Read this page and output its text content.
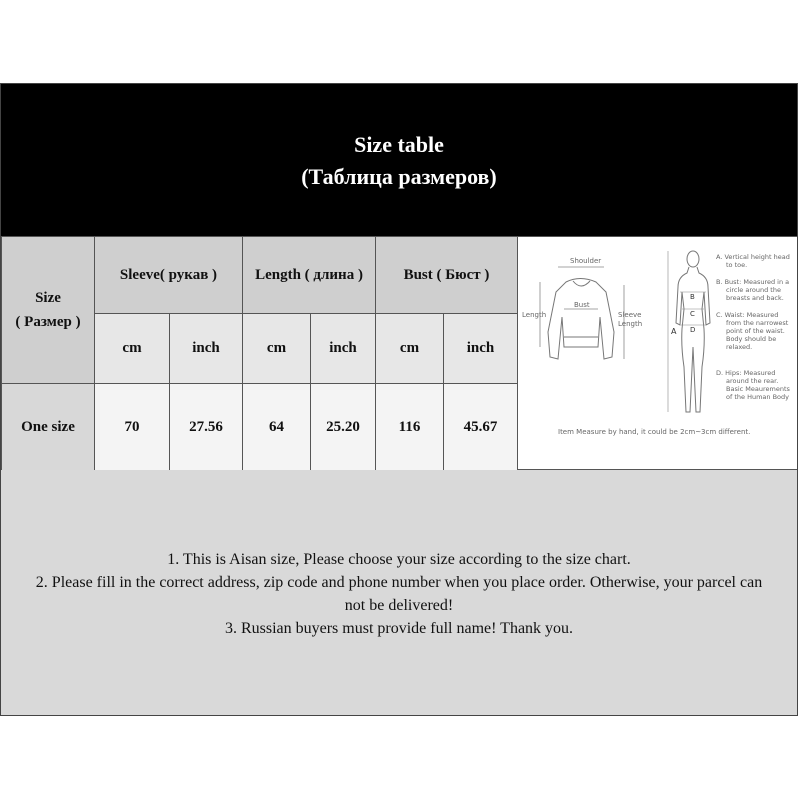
Size table
(Таблица размеров)
Size
( Размер )	Sleeve( рукав )		Length ( длина )		Bust ( Бюст )	
	cm	inch	cm	inch	cm	inch
One size	70	27.56	64	25.20	116	45.67
Shoulder
Length
Bust
Sleeve
Length
A
B
C
D
A. Vertical height head
to toe.
B. Bust: Measured in a
circle around the
breasts and back.
C. Waist: Measured
from the narrowest
point of the waist.
Body should be
relaxed.
D. Hips: Measured
around the rear.
Basic Meaurements
of the Human Body
Item Measure by hand, it could be 2cm~3cm different.
1. This is Aisan size, Please choose your size according to the size chart.
2. Please fill in the correct address, zip code and phone number when you place order. Otherwise, your parcel can
not be delivered!
3. Russian buyers must provide full name! Thank you.
